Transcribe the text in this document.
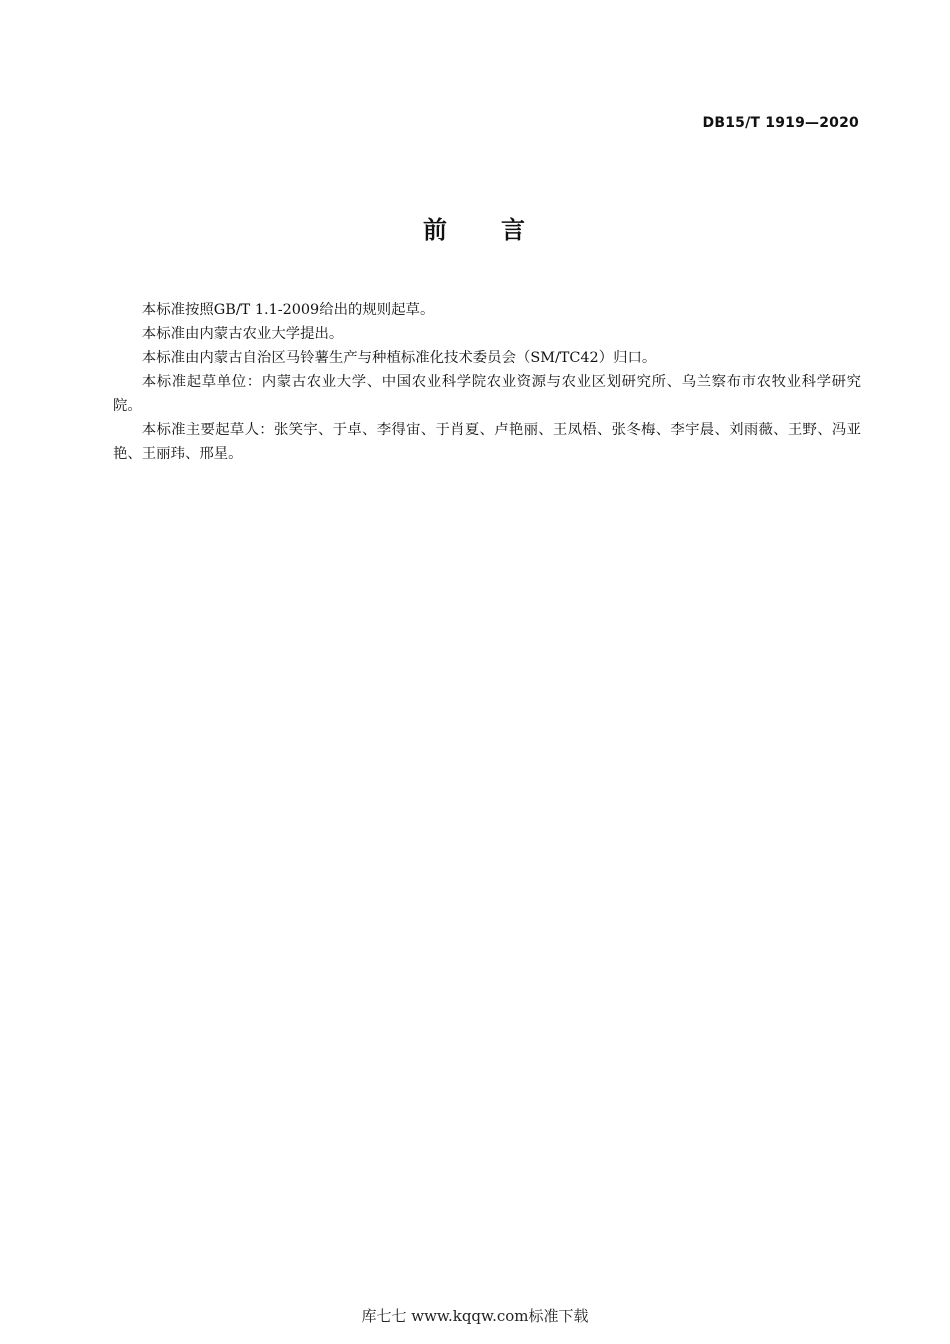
DB15/T 1919—2020
前 言

本标准按照GB/T 1.1-2009给出的规则起草。

本标准由内蒙古农业大学提出。

本标准由内蒙古自治区马铃薯生产与种植标准化技术委员会（SM/TC42）归口。

本标准起草单位：内蒙古农业大学、中国农业科学院农业资源与农业区划研究所、乌兰察布市农牧业科学研究院。

本标准主要起草人：张笑宇、于卓、李得宙、于肖夏、卢艳丽、王凤梧、张冬梅、李宇晨、刘雨薇、王野、冯亚艳、王丽玮、邢星。

库七七 www.kqqw.com标准下载
